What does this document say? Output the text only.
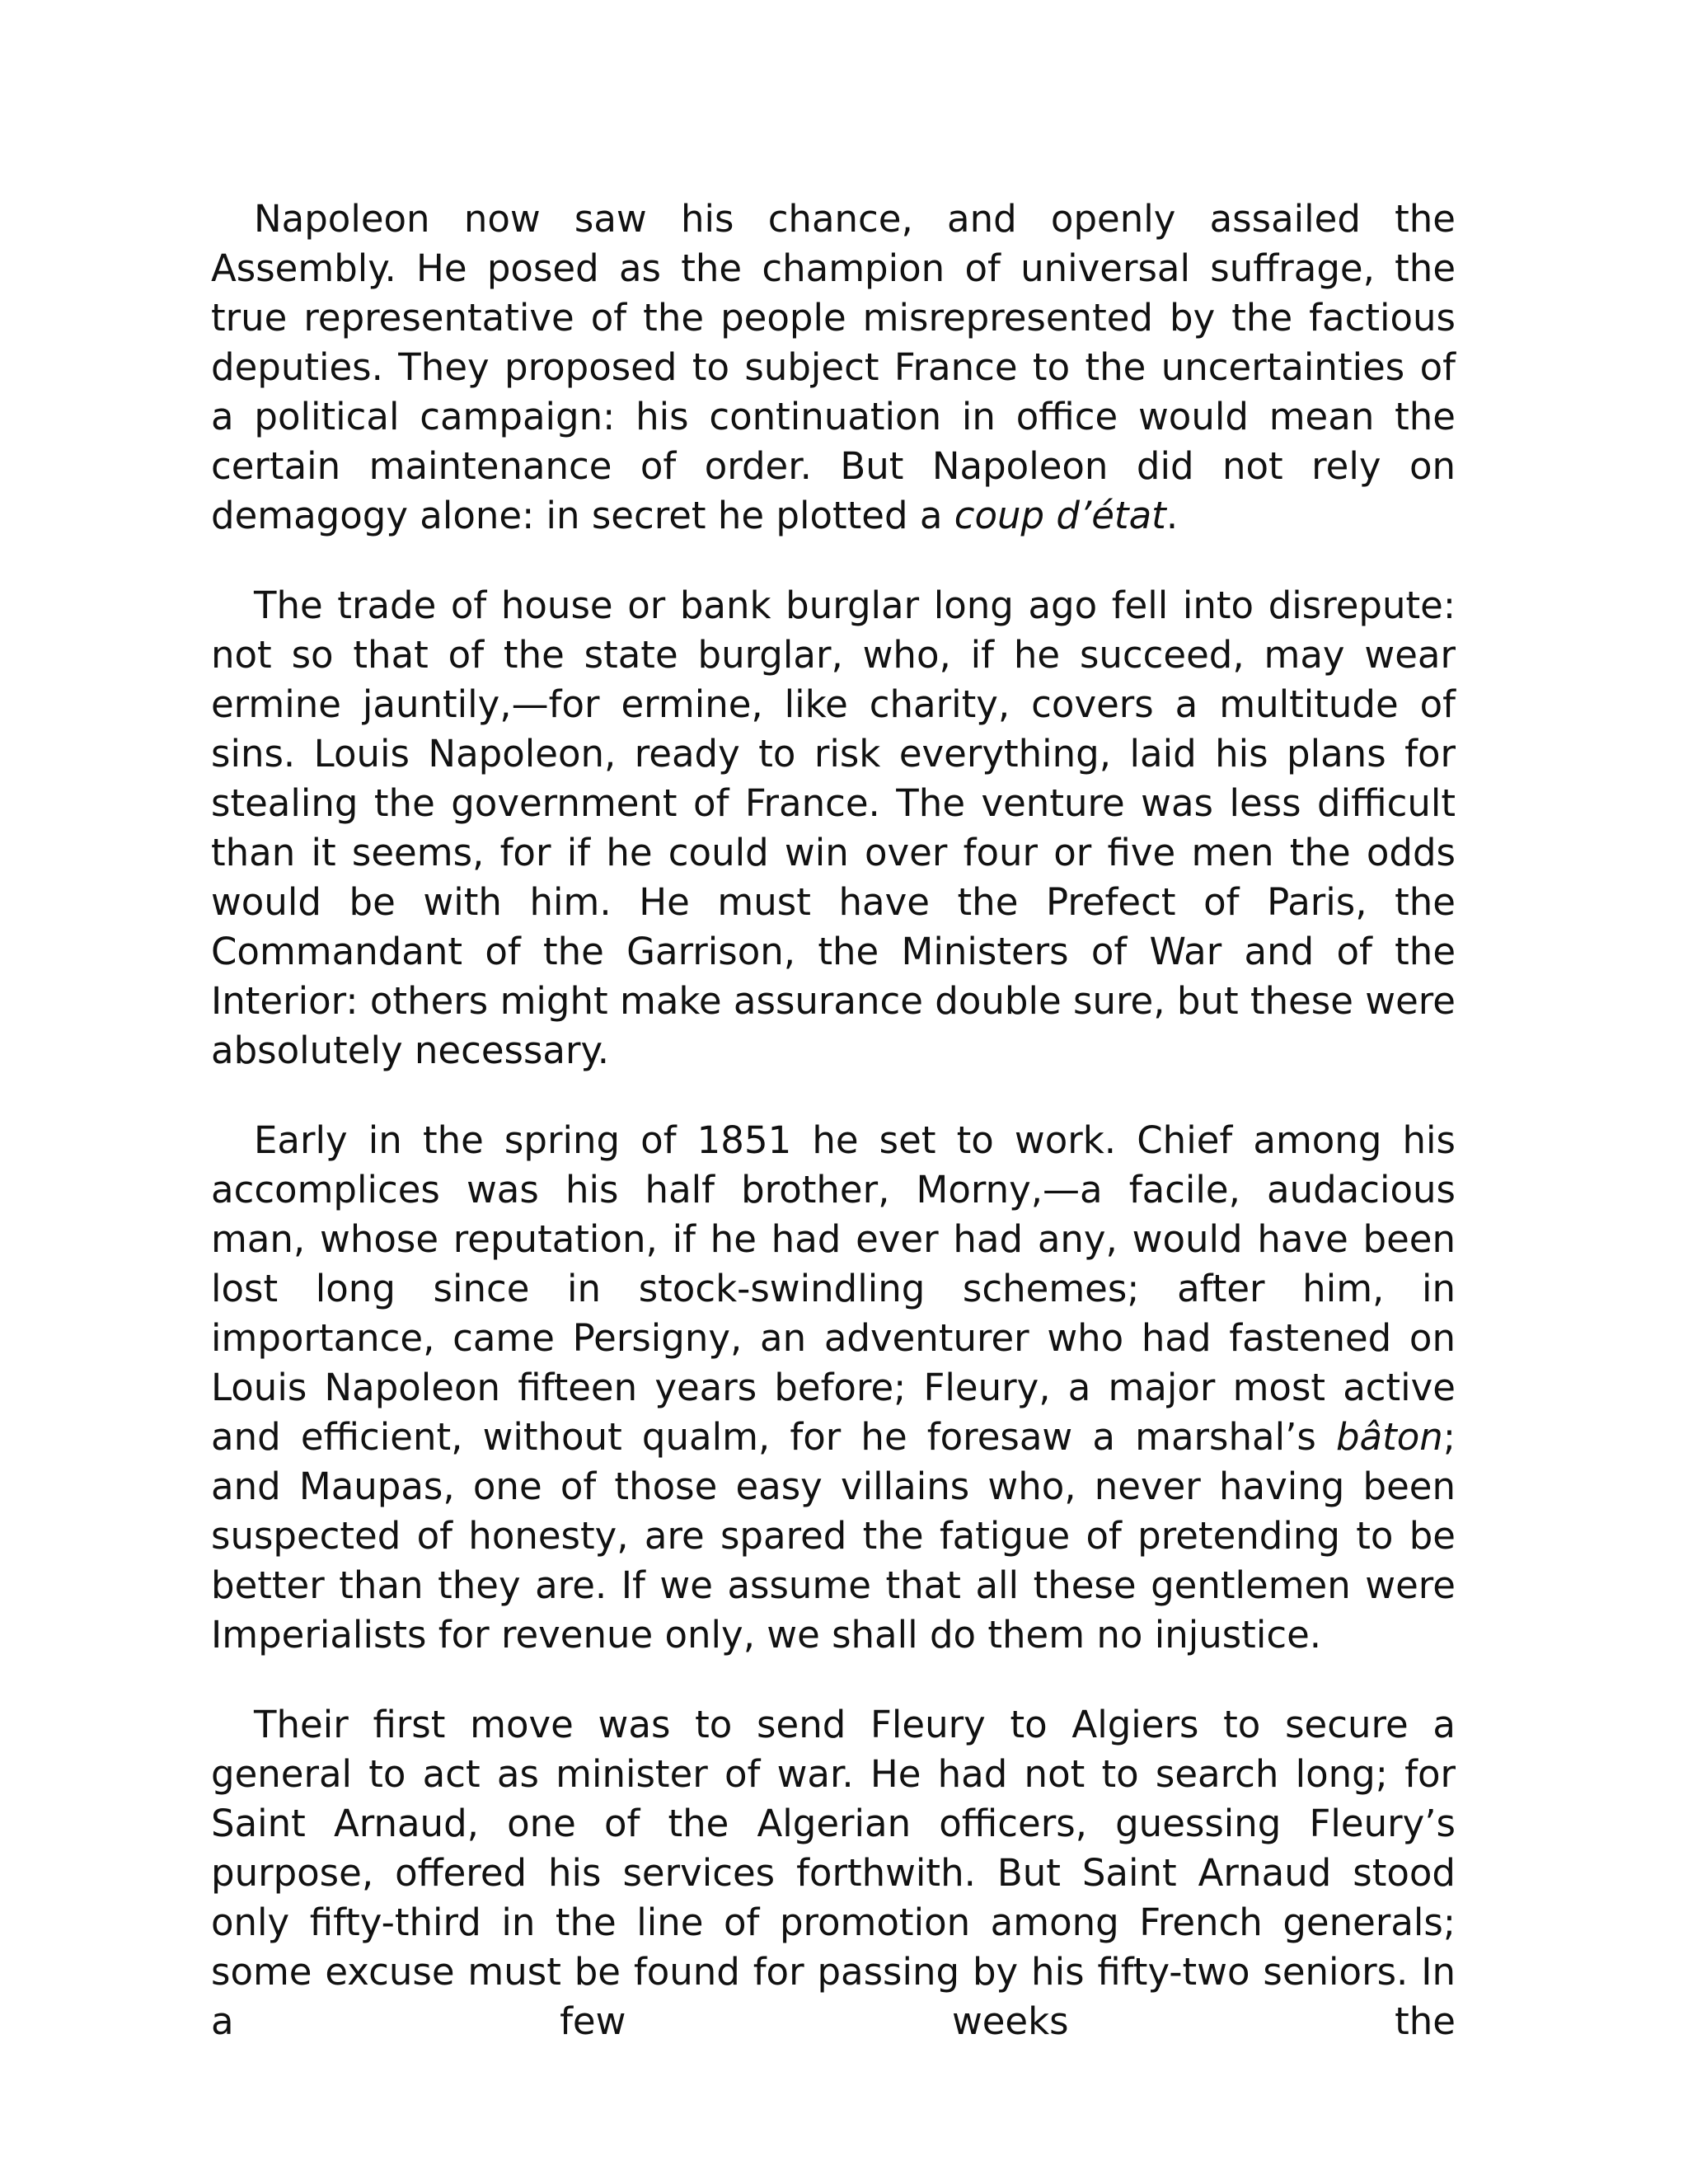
Napoleon now saw his chance, and openly assailed the Assembly. He posed as the champion of universal suffrage, the true representative of the people misrepresented by the factious deputies. They proposed to subject France to the uncertainties of a political campaign: his continuation in office would mean the certain maintenance of order. But Napoleon did not rely on demagogy alone: in secret he plotted a coup d’état.

The trade of house or bank burglar long ago fell into disrepute: not so that of the state burglar, who, if he succeed, may wear ermine jauntily,—for ermine, like charity, covers a multitude of sins. Louis Napoleon, ready to risk everything, laid his plans for stealing the government of France. The venture was less difficult than it seems, for if he could win over four or five men the odds would be with him. He must have the Prefect of Paris, the Commandant of the Garrison, the Ministers of War and of the Interior: others might make assurance double sure, but these were absolutely necessary.

Early in the spring of 1851 he set to work. Chief among his accomplices was his half brother, Morny,—a facile, audacious man, whose reputation, if he had ever had any, would have been lost long since in stock-swindling schemes; after him, in importance, came Persigny, an adventurer who had fastened on Louis Napoleon fifteen years before; Fleury, a major most active and efficient, without qualm, for he foresaw a marshal’s bâton; and Maupas, one of those easy villains who, never having been suspected of honesty, are spared the fatigue of pretending to be better than they are. If we assume that all these gentlemen were Imperialists for revenue only, we shall do them no injustice.

Their first move was to send Fleury to Algiers to secure a general to act as minister of war. He had not to search long; for Saint Arnaud, one of the Algerian officers, guessing Fleury’s purpose, offered his services forthwith. But Saint Arnaud stood only fifty-third in the line of promotion among French generals; some excuse must be found for passing by his fifty-two seniors. In a few weeks the
